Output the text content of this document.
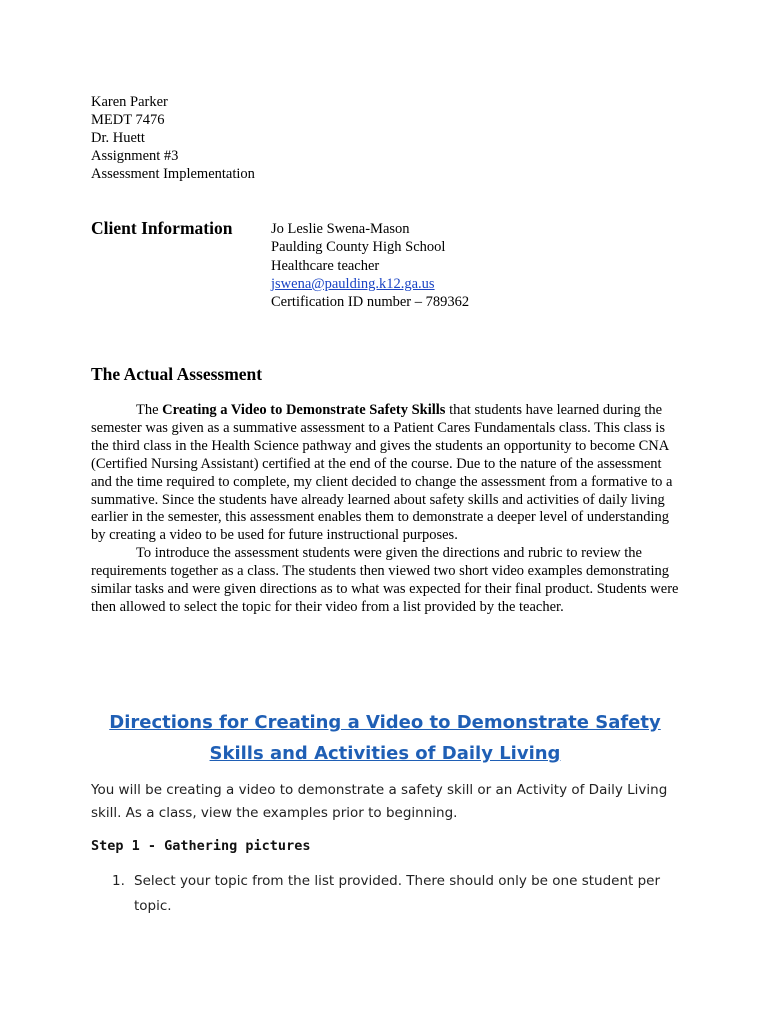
Karen Parker
MEDT 7476
Dr. Huett
Assignment #3
Assessment Implementation
Client Information	Jo Leslie Swena-Mason
Paulding County High School
Healthcare teacher
jswena@paulding.k12.ga.us
Certification ID number – 789362
The Actual Assessment
The Creating a Video to Demonstrate Safety Skills that students have learned during the semester was given as a summative assessment to a Patient Cares Fundamentals class. This class is the third class in the Health Science pathway and gives the students an opportunity to become CNA (Certified Nursing Assistant) certified at the end of the course. Due to the nature of the assessment and the time required to complete, my client decided to change the assessment from a formative to a summative. Since the students have already learned about safety skills and activities of daily living earlier in the semester, this assessment enables them to demonstrate a deeper level of understanding by creating a video to be used for future instructional purposes.
To introduce the assessment students were given the directions and rubric to review the requirements together as a class. The students then viewed two short video examples demonstrating similar tasks and were given directions as to what was expected for their final product. Students were then allowed to select the topic for their video from a list provided by the teacher.
Directions for Creating a Video to Demonstrate Safety
Skills and Activities of Daily Living
You will be creating a video to demonstrate a safety skill or an Activity of Daily Living skill. As a class, view the examples prior to beginning.
Step 1 - Gathering pictures
1. Select your topic from the list provided. There should only be one student per topic.
